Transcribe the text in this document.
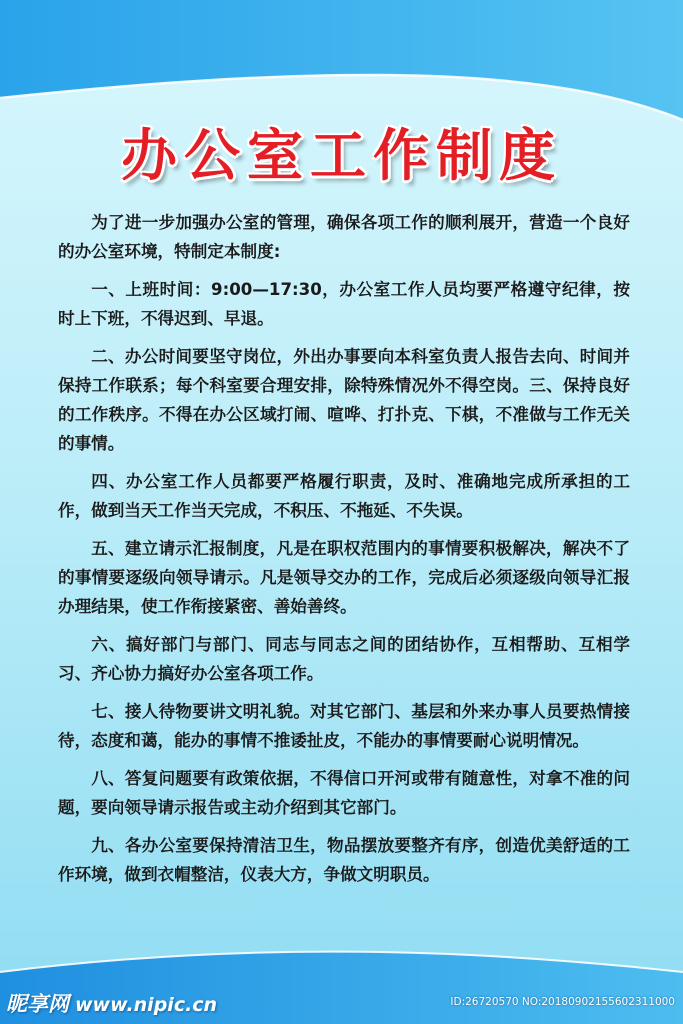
办公室工作制度

为了进一步加强办公室的管理，确保各项工作的顺利展开，营造一个良好的办公室环境，特制定本制度:

一、上班时间：9:00—17:30，办公室工作人员均要严格遵守纪律，按时上下班，不得迟到、早退。

二、办公时间要坚守岗位，外出办事要向本科室负责人报告去向、时间并保持工作联系；每个科室要合理安排，除特殊情况外不得空岗。三、保持良好的工作秩序。不得在办公区域打闹、喧哗、打扑克、下棋，不准做与工作无关的事情。

四、办公室工作人员都要严格履行职责，及时、准确地完成所承担的工作，做到当天工作当天完成，不积压、不拖延、不失误。

五、建立请示汇报制度，凡是在职权范围内的事情要积极解决，解决不了的事情要逐级向领导请示。凡是领导交办的工作，完成后必须逐级向领导汇报办理结果，使工作衔接紧密、善始善终。

六、搞好部门与部门、同志与同志之间的团结协作，互相帮助、互相学习、齐心协力搞好办公室各项工作。

七、接人待物要讲文明礼貌。对其它部门、基层和外来办事人员要热情接待，态度和蔼，能办的事情不推诿扯皮，不能办的事情要耐心说明情况。

八、答复问题要有政策依据，不得信口开河或带有随意性，对拿不准的问题，要向领导请示报告或主动介绍到其它部门。

九、各办公室要保持清洁卫生，物品摆放要整齐有序，创造优美舒适的工作环境，做到衣帽整洁，仪表大方，争做文明职员。

昵享网 www.nipic.cn	ID:26720570 NO:20180902155602311000
